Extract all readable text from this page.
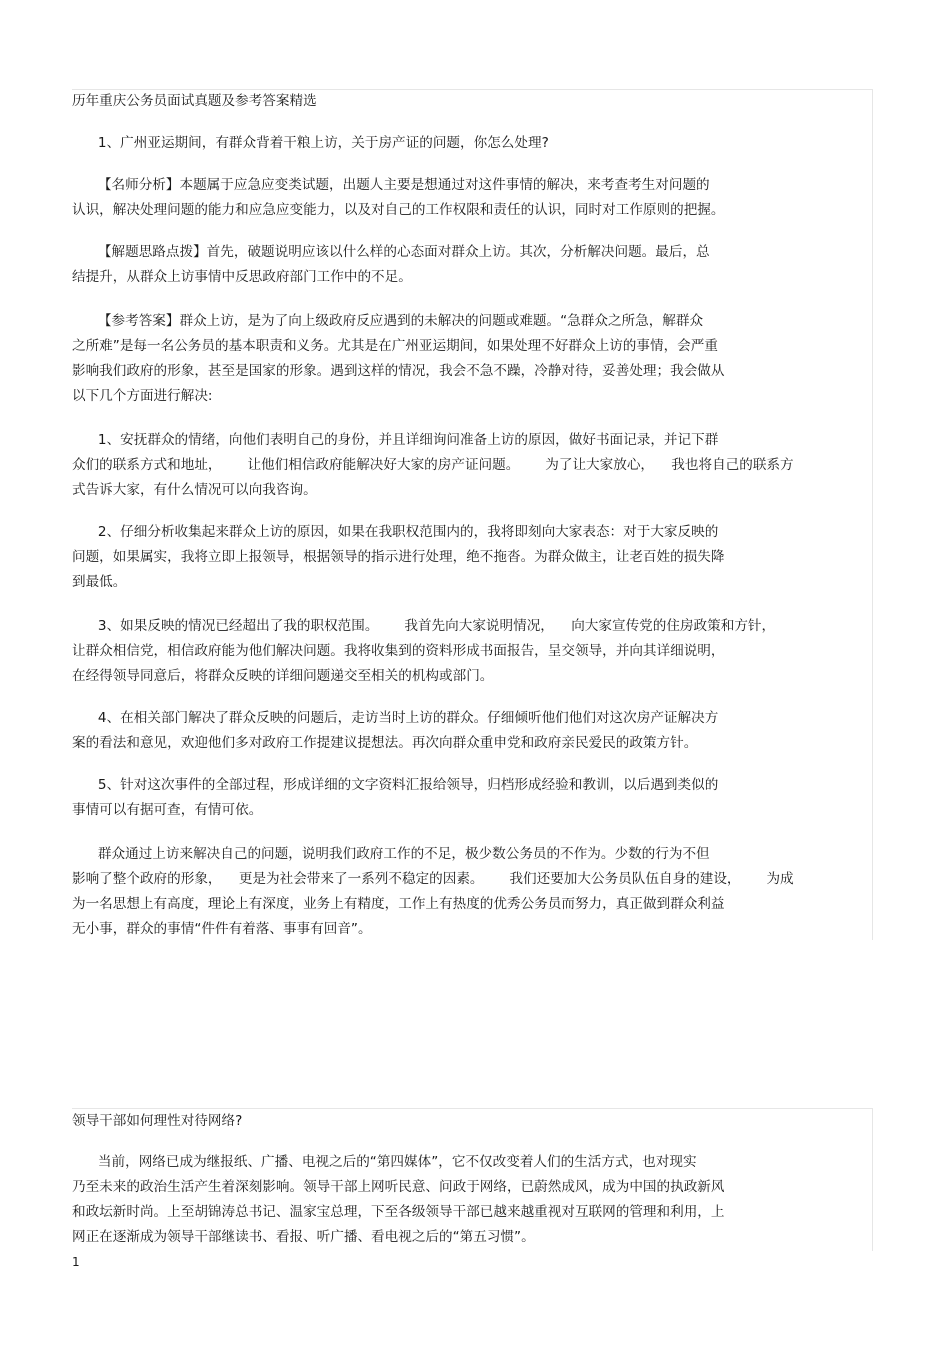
历年重庆公务员面试真题及参考答案精选
1、广州亚运期间，有群众背着干粮上访，关于房产证的问题，你怎么处理?
【名师分析】本题属于应急应变类试题，出题人主要是想通过对这件事情的解决，来考查考生对问题的
认识，解决处理问题的能力和应急应变能力，以及对自己的工作权限和责任的认识，同时对工作原则的把握。
【解题思路点拨】首先，破题说明应该以什么样的心态面对群众上访。其次，分析解决问题。最后，总
结提升，从群众上访事情中反思政府部门工作中的不足。
【参考答案】群众上访，是为了向上级政府反应遇到的未解决的问题或难题。“急群众之所急，解群众
之所难”是每一名公务员的基本职责和义务。尤其是在广州亚运期间，如果处理不好群众上访的事情，会严重
影响我们政府的形象，甚至是国家的形象。遇到这样的情况，我会不急不躁，冷静对待，妥善处理；我会做从
以下几个方面进行解决:
1、安抚群众的情绪，向他们表明自己的身份，并且详细询问准备上访的原因，做好书面记录，并记下群
众们的联系方式和地址，      让他们相信政府能解决好大家的房产证问题。      为了让大家放心，    我也将自己的联系方
式告诉大家，有什么情况可以向我咨询。
2、仔细分析收集起来群众上访的原因，如果在我职权范围内的，我将即刻向大家表态：对于大家反映的
问题，如果属实，我将立即上报领导，根据领导的指示进行处理，绝不拖沓。为群众做主，让老百姓的损失降
到最低。
3、如果反映的情况已经超出了我的职权范围。      我首先向大家说明情况，    向大家宣传党的住房政策和方针，
让群众相信党，相信政府能为他们解决问题。我将收集到的资料形成书面报告，呈交领导，并向其详细说明，
在经得领导同意后，将群众反映的详细问题递交至相关的机构或部门。
4、在相关部门解决了群众反映的问题后，走访当时上访的群众。仔细倾听他们他们对这次房产证解决方
案的看法和意见，欢迎他们多对政府工作提建议提想法。再次向群众重申党和政府亲民爱民的政策方针。
5、针对这次事件的全部过程，形成详细的文字资料汇报给领导，归档形成经验和教训，以后遇到类似的
事情可以有据可查，有情可依。
群众通过上访来解决自己的问题，说明我们政府工作的不足，极少数公务员的不作为。少数的行为不但
影响了整个政府的形象，    更是为社会带来了一系列不稳定的因素。      我们还要加大公务员队伍自身的建设，      为成
为一名思想上有高度，理论上有深度，业务上有精度，工作上有热度的优秀公务员而努力，真正做到群众利益
无小事，群众的事情“件件有着落、事事有回音”。
领导干部如何理性对待网络?
当前，网络已成为继报纸、广播、电视之后的“第四媒体”，它不仅改变着人们的生活方式，也对现实
乃至未来的政治生活产生着深刻影响。领导干部上网听民意、问政于网络，已蔚然成风，成为中国的执政新风
和政坛新时尚。上至胡锦涛总书记、温家宝总理，下至各级领导干部已越来越重视对互联网的管理和利用，上
网正在逐渐成为领导干部继读书、看报、听广播、看电视之后的“第五习惯”。
1
